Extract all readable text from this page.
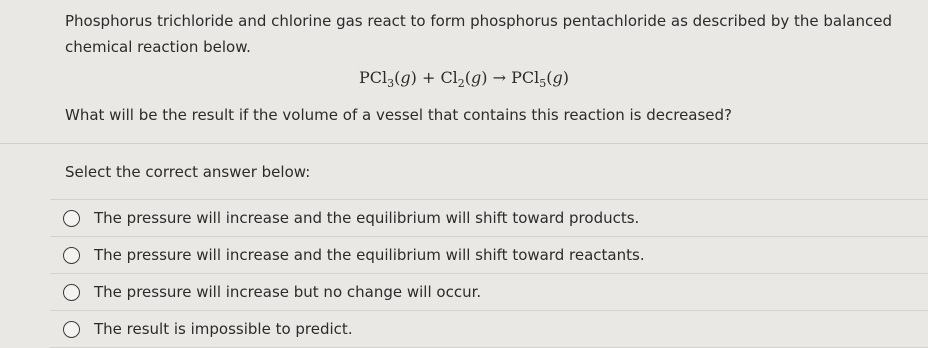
Phosphorus trichloride and chlorine gas react to form phosphorus pentachloride as described by the balanced chemical reaction below.
$PCl_3(g) + Cl_2(g) \to PCl_5(g)$
What will be the result if the volume of a vessel that contains this reaction is decreased?
Select the correct answer below:
The pressure will increase and the equilibrium will shift toward products.
The pressure will increase and the equilibrium will shift toward reactants.
The pressure will increase but no change will occur.
The result is impossible to predict.
